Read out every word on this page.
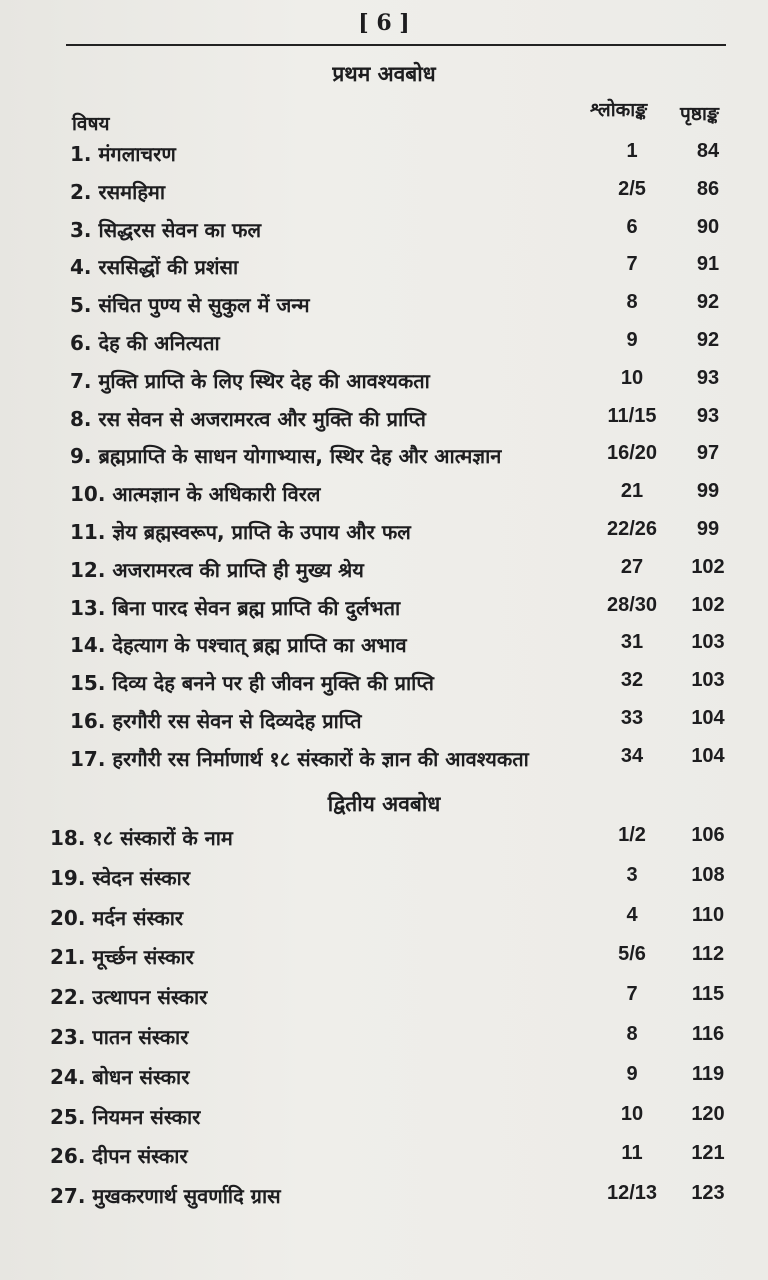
[ 6 ]
प्रथम अवबोध
विषय
श्लोकाङ्क पृष्ठाङ्क
1. मंगलाचरण	1	84
2. रसमहिमा	2/5	86
3. सिद्धरस सेवन का फल	6	90
4. रससिद्धों की प्रशंसा	7	91
5. संचित पुण्य से सुकुल में जन्म	8	92
6. देह की अनित्यता	9	92
7. मुक्ति प्राप्ति के लिए स्थिर देह की आवश्यकता	10	93
8. रस सेवन से अजरामरत्व और मुक्ति की प्राप्ति	11/15	93
9. ब्रह्मप्राप्ति के साधन योगाभ्यास, स्थिर देह और आत्मज्ञान	16/20	97
10. आत्मज्ञान के अधिकारी विरल	21	99
11. ज्ञेय ब्रह्मस्वरूप, प्राप्ति के उपाय और फल	22/26	99
12. अजरामरत्व की प्राप्ति ही मुख्य श्रेय	27	102
13. बिना पारद सेवन ब्रह्म प्राप्ति की दुर्लभता	28/30	102
14. देहत्याग के पश्चात् ब्रह्म प्राप्ति का अभाव	31	103
15. दिव्य देह बनने पर ही जीवन मुक्ति की प्राप्ति	32	103
16. हरगौरी रस सेवन से दिव्यदेह प्राप्ति	33	104
17. हरगौरी रस निर्माणार्थ १८ संस्कारों के ज्ञान की आवश्यकता	34	104
द्वितीय अवबोध
18. १८ संस्कारों के नाम	1/2	106
19. स्वेदन संस्कार	3	108
20. मर्दन संस्कार	4	110
21. मूर्च्छन संस्कार	5/6	112
22. उत्थापन संस्कार	7	115
23. पातन संस्कार	8	116
24. बोधन संस्कार	9	119
25. नियमन संस्कार	10	120
26. दीपन संस्कार	11	121
27. मुखकरणार्थ सुवर्णादि ग्रास	12/13	123
